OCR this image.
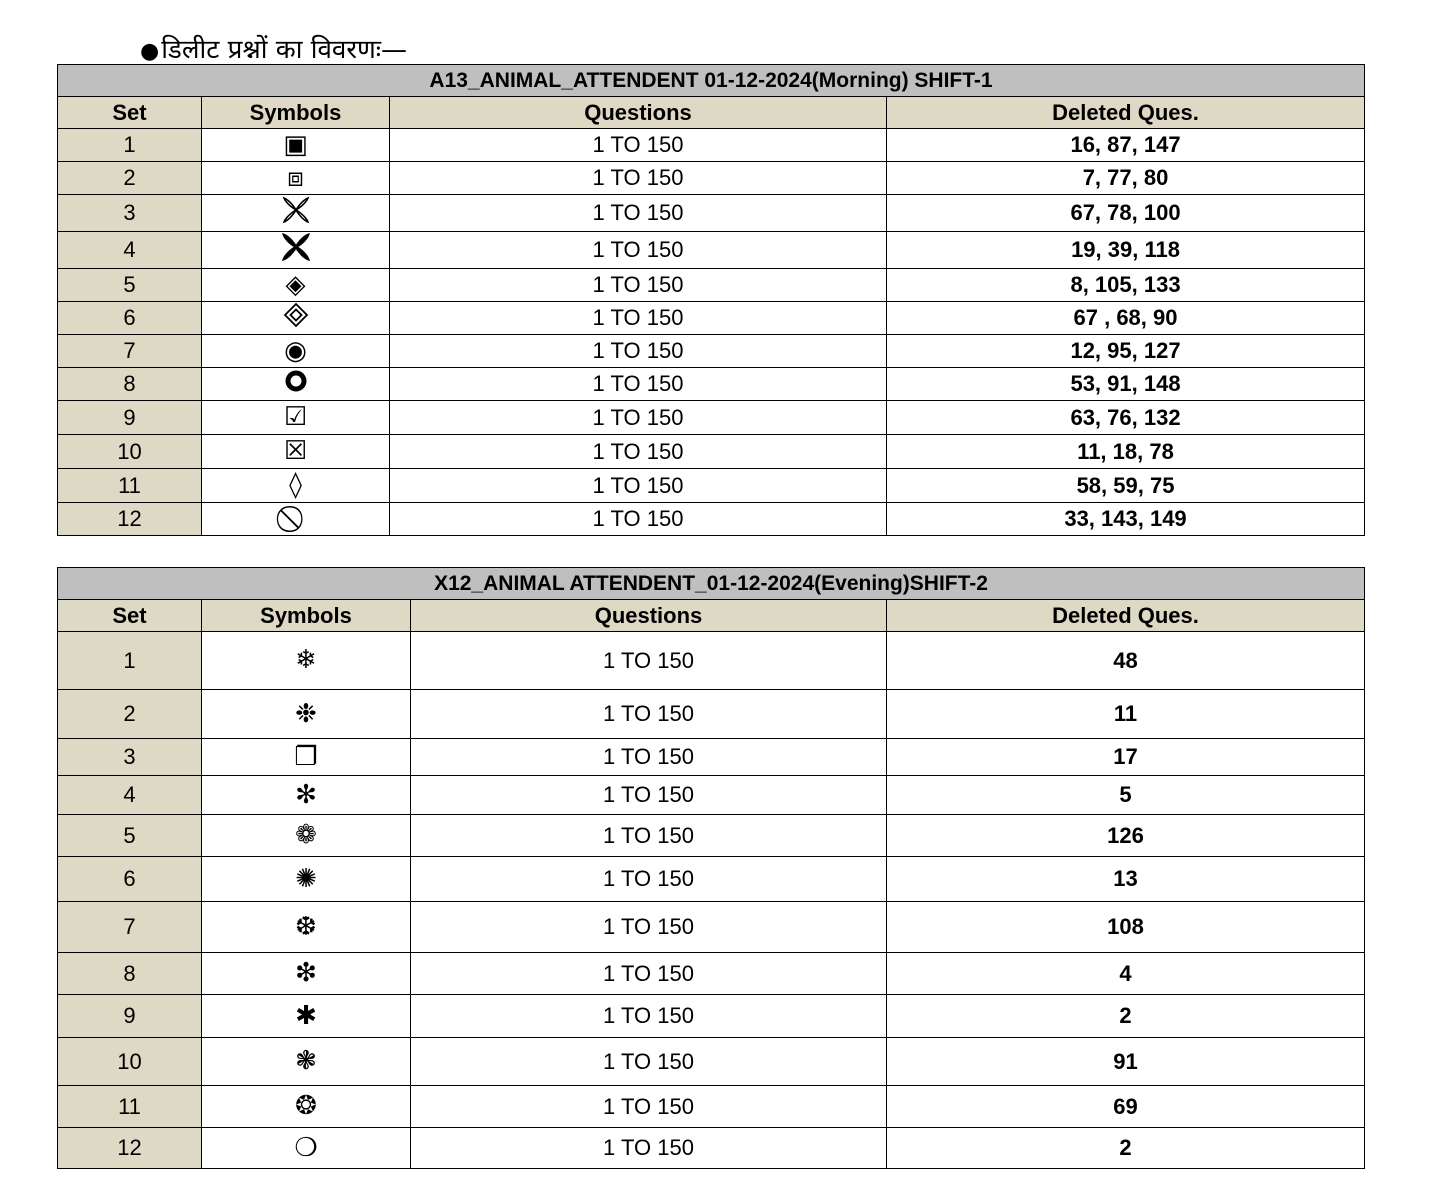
●डिलीट प्रश्नों का विवरणः—
A13_ANIMAL_ATTENDENT 01-12-2024(Morning) SHIFT-1			
Set	Symbols	Questions	Deleted Ques.
1	▣	1 TO 150	16, 87, 147
2	⧈	1 TO 150	7, 77, 80
3		1 TO 150	67, 78, 100
4		1 TO 150	19, 39, 118
5	◈	1 TO 150	8, 105, 133
6		1 TO 150	67 , 68, 90
7	◉	1 TO 150	12, 95, 127
8		1 TO 150	53, 91, 148
9	☑	1 TO 150	63, 76, 132
10	☒	1 TO 150	11, 18, 78
11	◊	1 TO 150	58, 59, 75
12		1 TO 150	33, 143, 149
X12_ANIMAL ATTENDENT_01-12-2024(Evening)SHIFT-2			
Set	Symbols	Questions	Deleted Ques.
1	❄	1 TO 150	48
2	❉	1 TO 150	11
3	❐	1 TO 150	17
4	✻	1 TO 150	5
5	❁	1 TO 150	126
6	✺	1 TO 150	13
7	❆	1 TO 150	108
8	❇	1 TO 150	4
9	✱	1 TO 150	2
10	❃	1 TO 150	91
11	❂	1 TO 150	69
12	❍	1 TO 150	2
